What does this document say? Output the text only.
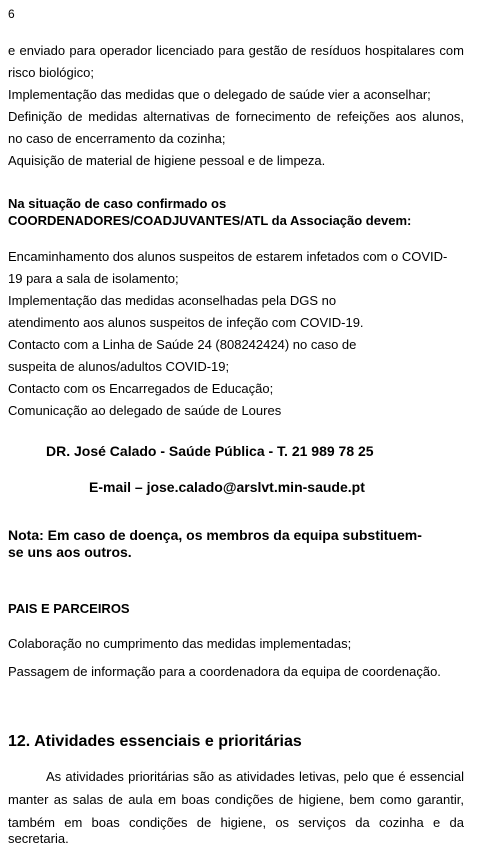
6
e enviado para operador licenciado para gestão de resíduos hospitalares com
risco biológico;
Implementação das medidas que o delegado de saúde vier a aconselhar;
Definição de medidas alternativas de fornecimento de refeições aos alunos,
no caso de encerramento da cozinha;
Aquisição de material de higiene pessoal e de limpeza.
Na situação de caso confirmado os
COORDENADORES/COADJUVANTES/ATL da Associação devem:
Encaminhamento dos alunos suspeitos de estarem infetados com o COVID-
19 para a sala de isolamento;
Implementação das medidas aconselhadas pela DGS no
atendimento aos alunos suspeitos de infeção com COVID-19.
Contacto com a Linha de Saúde 24 (808242424) no caso de
suspeita de alunos/adultos COVID-19;
Contacto com os Encarregados de Educação;
Comunicação ao delegado de saúde de Loures
DR. José Calado - Saúde Pública - T. 21 989 78 25
E-mail – jose.calado@arslvt.min-saude.pt
Nota: Em caso de doença, os membros da equipa substituem-
se uns aos outros.
PAIS E PARCEIROS
Colaboração no cumprimento das medidas implementadas;
Passagem de informação para a coordenadora da equipa de coordenação.
12. Atividades essenciais e prioritárias
As atividades prioritárias são as atividades letivas, pelo que é essencial
manter as salas de aula em boas condições de higiene, bem como garantir,
também em boas condições de higiene, os serviços da cozinha e da secretaria.
